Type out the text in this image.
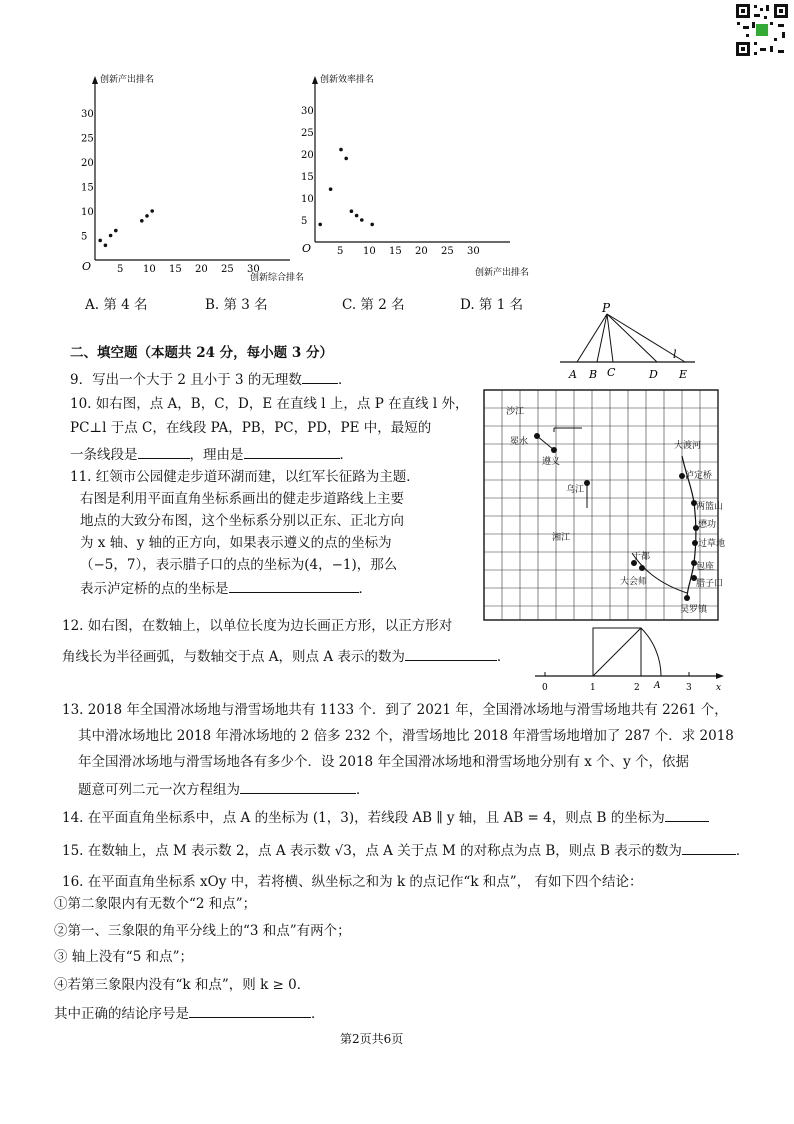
创新产出排名
O
创新综合排名
5 10 15 20 25 30
5
10
15
20
25
30
创新效率排名
O
创新产出排名
5 10 15 20 25 30
5
10
15
20
25
30
A. 第 4 名	B. 第 3 名	C. 第 2 名	D. 第 1 名
二、填空题（本题共 24 分，每小题 3 分）
9．写出一个大于 2 且小于 3 的无理数	．
10. 如右图，点 A，B，C，D，E 在直线 l 上，点 P 在直线 l 外，
PC⊥l 于点 C，在线段 PA，PB，PC，PD，PE 中，最短的
一条线段是	，理由是	．
P
A B C	D E
l
11. 红领市公园健走步道环湖而建，以红军长征路为主题．
右图是利用平面直角坐标系画出的健走步道路线上主要
地点的大致分布图，这个坐标系分别以正东、正北方向
为 x 轴、y 轴的正方向，如果表示遵义的点的坐标为
（−5，7），表示腊子口的点的坐标为(4，−1)，那么
表示泸定桥的点的坐标是	．
沙江
冕水
遵义
乌江
湘江
大渡河
泸定桥
两篮山
懋功
过草地
于都
大会师
包座
腊子口
吴罗镇
12. 如右图，在数轴上，以单位长度为边长画正方形，以正方形对
角线长为半径画弧，与数轴交于点 A，则点 A 表示的数为	．
0	1	2	3
A	x
13. 2018 年全国滑冰场地与滑雪场地共有 1133 个．到了 2021 年，全国滑冰场地与滑雪场地共有 2261 个，
其中滑冰场地比 2018 年滑冰场地的 2 倍多 232 个，滑雪场地比 2018 年滑雪场地增加了 287 个．求 2018
年全国滑冰场地与滑雪场地各有多少个．设 2018 年全国滑冰场地和滑雪场地分别有 x 个、y 个，依据
题意可列二元一次方程组为	．
14. 在平面直角坐标系中，点 A 的坐标为 (1，3)，若线段 AB ∥ y 轴，且 AB = 4，则点 B 的坐标为
15. 在数轴上，点 M 表示数 2，点 A 表示数 √3，点 A 关于点 M 的对称点为点 B，则点 B 表示的数为	．
16. 在平面直角坐标系 xOy 中，若将横、纵坐标之和为 k 的点记作“k 和点”， 有如下四个结论：
①第二象限内有无数个“2 和点”；
②第一、三象限的角平分线上的“3 和点”有两个；
③ 轴上没有“5 和点”；
④若第三象限内没有“k 和点”，则 k ≥ 0．
其中正确的结论序号是	．
第2页共6页
